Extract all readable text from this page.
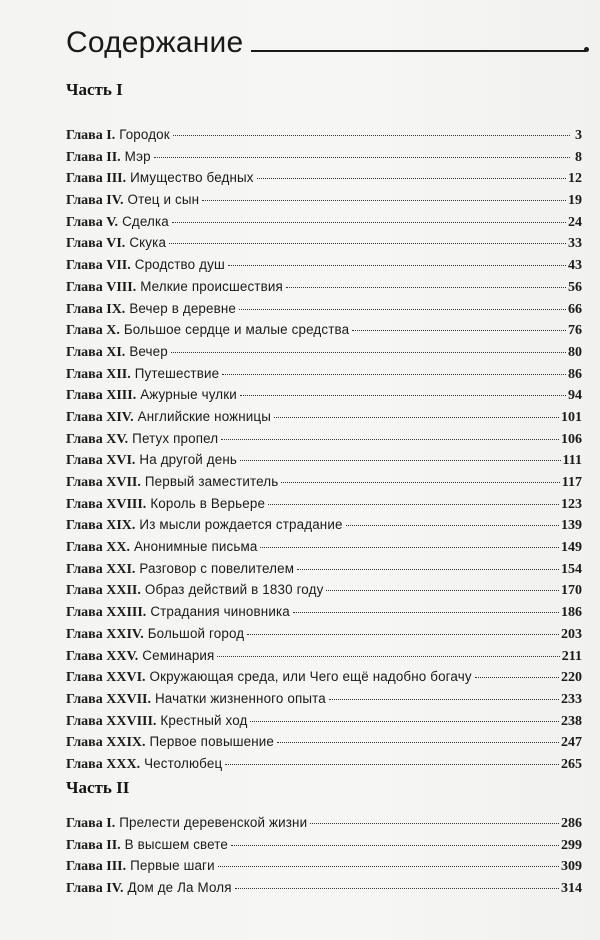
Содержание
Часть I
Глава I. Городок	3
Глава II. Мэр	8
Глава III. Имущество бедных	12
Глава IV. Отец и сын	19
Глава V. Сделка	24
Глава VI. Скука	33
Глава VII. Сродство душ	43
Глава VIII. Мелкие происшествия	56
Глава IX. Вечер в деревне	66
Глава X. Большое сердце и малые средства	76
Глава XI. Вечер	80
Глава XII. Путешествие	86
Глава XIII. Ажурные чулки	94
Глава XIV. Английские ножницы	101
Глава XV. Петух пропел	106
Глава XVI. На другой день	111
Глава XVII. Первый заместитель	117
Глава XVIII. Король в Верьере	123
Глава XIX. Из мысли рождается страдание	139
Глава XX. Анонимные письма	149
Глава XXI. Разговор с повелителем	154
Глава XXII. Образ действий в 1830 году	170
Глава XXIII. Страдания чиновника	186
Глава XXIV. Большой город	203
Глава XXV. Семинария	211
Глава XXVI. Окружающая среда, или Чего ещё надобно богачу	220
Глава XXVII. Начатки жизненного опыта	233
Глава XXVIII. Крестный ход	238
Глава XXIX. Первое повышение	247
Глава XXX. Честолюбец	265
Часть II
Глава I. Прелести деревенской жизни	286
Глава II. В высшем свете	299
Глава III. Первые шаги	309
Глава IV. Дом де Ла Моля	314
